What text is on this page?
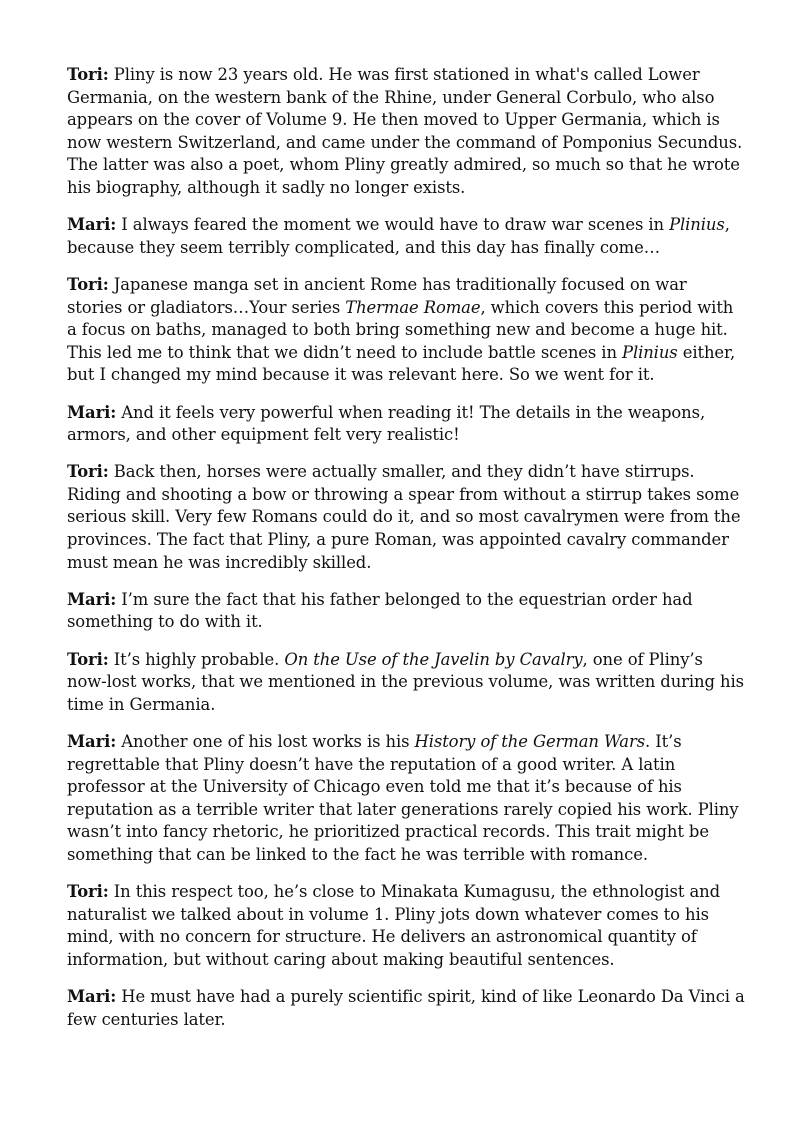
Tori: Pliny is now 23 years old. He was first stationed in what's called Lower Germania, on the western bank of the Rhine, under General Corbulo, who also appears on the cover of Volume 9. He then moved to Upper Germania, which is now western Switzerland, and came under the command of Pomponius Secundus. The latter was also a poet, whom Pliny greatly admired, so much so that he wrote his biography, although it sadly no longer exists.

Mari: I always feared the moment we would have to draw war scenes in Plinius, because they seem terribly complicated, and this day has finally come…

Tori: Japanese manga set in ancient Rome has traditionally focused on war stories or gladiators…Your series Thermae Romae, which covers this period with a focus on baths, managed to both bring something new and become a huge hit. This led me to think that we didn’t need to include battle scenes in Plinius either, but I changed my mind because it was relevant here. So we went for it.

Mari: And it feels very powerful when reading it! The details in the weapons, armors, and other equipment felt very realistic!

Tori: Back then, horses were actually smaller, and they didn’t have stirrups. Riding and shooting a bow or throwing a spear from without a stirrup takes some serious skill. Very few Romans could do it, and so most cavalrymen were from the provinces. The fact that Pliny, a pure Roman, was appointed cavalry commander must mean he was incredibly skilled.

Mari: I’m sure the fact that his father belonged to the equestrian order had something to do with it.

Tori: It’s highly probable. On the Use of the Javelin by Cavalry, one of Pliny’s now-lost works, that we mentioned in the previous volume, was written during his time in Germania.

Mari: Another one of his lost works is his History of the German Wars. It’s regrettable that Pliny doesn’t have the reputation of a good writer. A latin professor at the University of Chicago even told me that it’s because of his reputation as a terrible writer that later generations rarely copied his work. Pliny wasn’t into fancy rhetoric, he prioritized practical records. This trait might be something that can be linked to the fact he was terrible with romance.

Tori: In this respect too, he’s close to Minakata Kumagusu, the ethnologist and naturalist we talked about in volume 1. Pliny jots down whatever comes to his mind, with no concern for structure. He delivers an astronomical quantity of information, but without caring about making beautiful sentences.

Mari: He must have had a purely scientific spirit, kind of like Leonardo Da Vinci a few centuries later.
